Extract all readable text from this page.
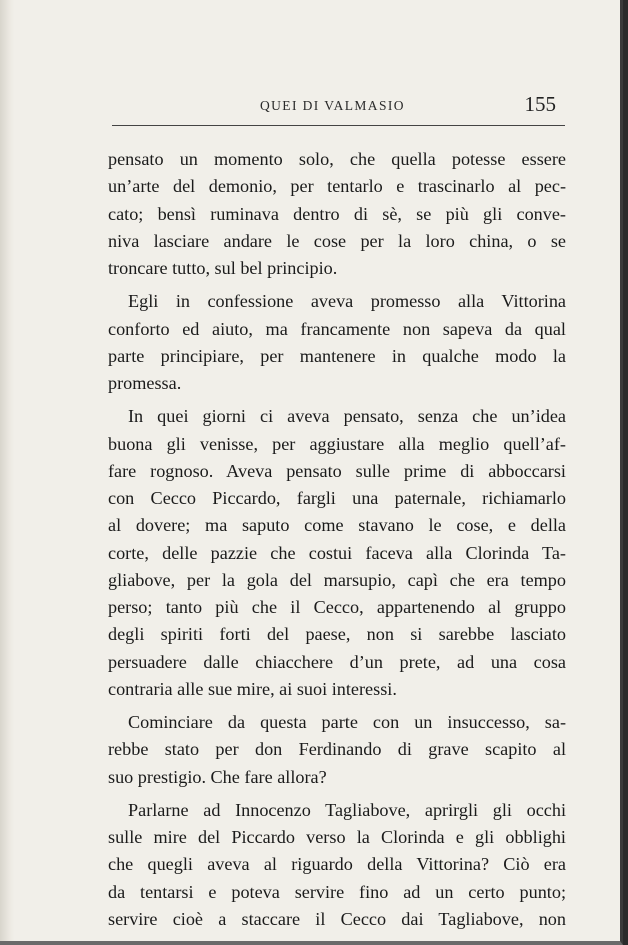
QUEI DI VALMASIO	155
pensato un momento solo, che quella potesse essere
un’arte del demonio, per tentarlo e trascinarlo al pec-
cato; bensì ruminava dentro di sè, se più gli conve-
niva lasciare andare le cose per la loro china, o se
troncare tutto, sul bel principio.
Egli in confessione aveva promesso alla Vittorina
conforto ed aiuto, ma francamente non sapeva da qual
parte principiare, per mantenere in qualche modo la
promessa.
In quei giorni ci aveva pensato, senza che un’idea
buona gli venisse, per aggiustare alla meglio quell’af-
fare rognoso. Aveva pensato sulle prime di abboccarsi
con Cecco Piccardo, fargli una paternale, richiamarlo
al dovere; ma saputo come stavano le cose, e della
corte, delle pazzie che costui faceva alla Clorinda Ta-
gliabove, per la gola del marsupio, capì che era tempo
perso; tanto più che il Cecco, appartenendo al gruppo
degli spiriti forti del paese, non si sarebbe lasciato
persuadere dalle chiacchere d’un prete, ad una cosa
contraria alle sue mire, ai suoi interessi.
Cominciare da questa parte con un insuccesso, sa-
rebbe stato per don Ferdinando di grave scapito al
suo prestigio. Che fare allora?
Parlarne ad Innocenzo Tagliabove, aprirgli gli occhi
sulle mire del Piccardo verso la Clorinda e gli obblighi
che quegli aveva al riguardo della Vittorina? Ciò era
da tentarsi e poteva servire fino ad un certo punto;
servire cioè a staccare il Cecco dai Tagliabove, non
